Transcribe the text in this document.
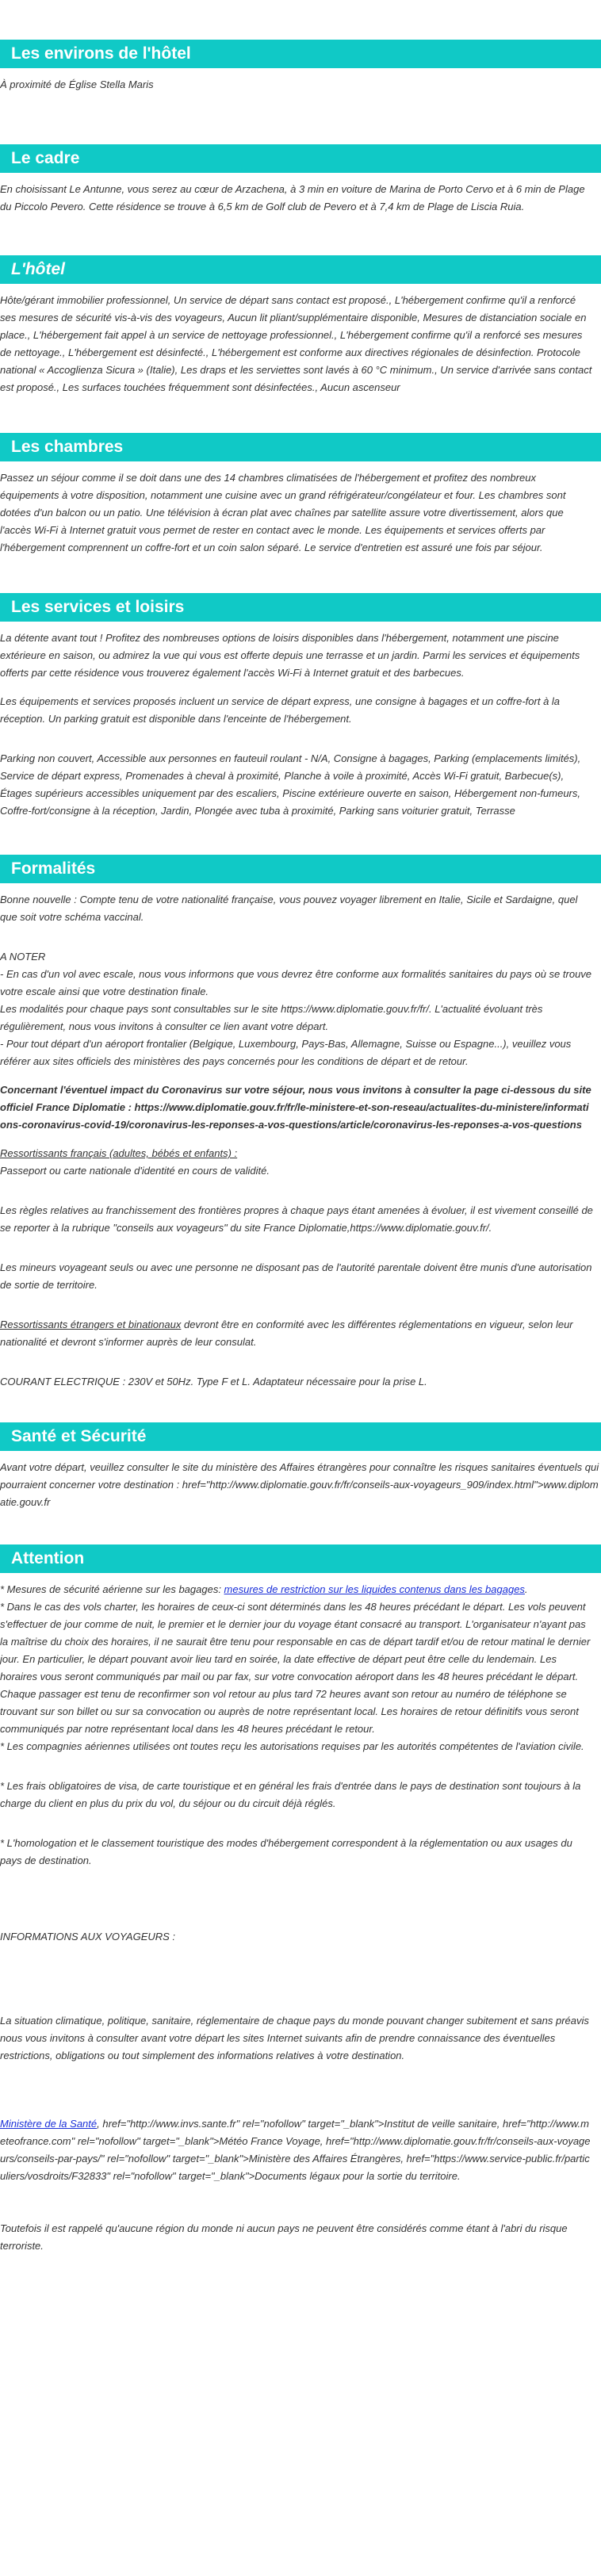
Les environs de l'hôtel

À proximité de Église Stella Maris

Le cadre

En choisissant Le Antunne, vous serez au cœur de Arzachena, à 3 min en voiture de Marina de Porto Cervo et à 6 min de Plage du Piccolo Pevero. Cette résidence se trouve à 6,5 km de Golf club de Pevero et à 7,4 km de Plage de Liscia Ruia.

L'hôtel

Hôte/gérant immobilier professionnel, Un service de départ sans contact est proposé., L'hébergement confirme qu'il a renforcé ses mesures de sécurité vis-à-vis des voyageurs, Aucun lit pliant/supplémentaire disponible, Mesures de distanciation sociale en place., L'hébergement fait appel à un service de nettoyage professionnel., L'hébergement confirme qu'il a renforcé ses mesures de nettoyage., L'hébergement est désinfecté., L'hébergement est conforme aux directives régionales de désinfection. Protocole national « Accoglienza Sicura » (Italie), Les draps et les serviettes sont lavés à 60 °C minimum., Un service d'arrivée sans contact est proposé., Les surfaces touchées fréquemment sont désinfectées., Aucun ascenseur

Les chambres

Passez un séjour comme il se doit dans une des 14 chambres climatisées de l'hébergement et profitez des nombreux équipements à votre disposition, notamment une cuisine avec un grand réfrigérateur/congélateur et four. Les chambres sont dotées d'un balcon ou un patio. Une télévision à écran plat avec chaînes par satellite assure votre divertissement, alors que l'accès Wi-Fi à Internet gratuit vous permet de rester en contact avec le monde. Les équipements et services offerts par l'hébergement comprennent un coffre-fort et un coin salon séparé. Le service d'entretien est assuré une fois par séjour.

Les services et loisirs

La détente avant tout ! Profitez des nombreuses options de loisirs disponibles dans l'hébergement, notamment une piscine extérieure en saison, ou admirez la vue qui vous est offerte depuis une terrasse et un jardin. Parmi les services et équipements offerts par cette résidence vous trouverez également l'accès Wi-Fi à Internet gratuit et des barbecues.

Les équipements et services proposés incluent un service de départ express, une consigne à bagages et un coffre-fort à la réception. Un parking gratuit est disponible dans l'enceinte de l'hébergement.

Parking non couvert, Accessible aux personnes en fauteuil roulant - N/A, Consigne à bagages, Parking (emplacements limités), Service de départ express, Promenades à cheval à proximité, Planche à voile à proximité, Accès Wi-Fi gratuit, Barbecue(s), Étages supérieurs accessibles uniquement par des escaliers, Piscine extérieure ouverte en saison, Hébergement non-fumeurs, Coffre-fort/consigne à la réception, Jardin, Plongée avec tuba à proximité, Parking sans voiturier gratuit, Terrasse

Formalités

Bonne nouvelle : Compte tenu de votre nationalité française, vous pouvez voyager librement en Italie, Sicile et Sardaigne, quel que soit votre schéma vaccinal.

A NOTER
- En cas d'un vol avec escale, nous vous informons que vous devrez être conforme aux formalités sanitaires du pays où se trouve votre escale ainsi que votre destination finale.
Les modalités pour chaque pays sont consultables sur le site https://www.diplomatie.gouv.fr/fr/. L'actualité évoluant très régulièrement, nous vous invitons à consulter ce lien avant votre départ.
- Pour tout départ d'un aéroport frontalier (Belgique, Luxembourg, Pays-Bas, Allemagne, Suisse ou Espagne...), veuillez vous référer aux sites officiels des ministères des pays concernés pour les conditions de départ et de retour.

Concernant l'éventuel impact du Coronavirus sur votre séjour, nous vous invitons à consulter la page ci-dessous du site officiel France Diplomatie : https://www.diplomatie.gouv.fr/fr/le-ministere-et-son-reseau/actualites-du-ministere/informations-coronavirus-covid-19/coronavirus-les-reponses-a-vos-questions/article/coronavirus-les-reponses-a-vos-questions

Ressortissants français (adultes, bébés et enfants) :
Passeport ou carte nationale d'identité en cours de validité.

Les règles relatives au franchissement des frontières propres à chaque pays étant amenées à évoluer, il est vivement conseillé de se reporter à la rubrique "conseils aux voyageurs" du site France Diplomatie,https://www.diplomatie.gouv.fr/.

Les mineurs voyageant seuls ou avec une personne ne disposant pas de l'autorité parentale doivent être munis d'une autorisation de sortie de territoire.

Ressortissants étrangers et binationaux devront être en conformité avec les différentes réglementations en vigueur, selon leur nationalité et devront s'informer auprès de leur consulat.

COURANT ELECTRIQUE : 230V et 50Hz. Type F et L. Adaptateur nécessaire pour la prise L.

Santé et Sécurité

Avant votre départ, veuillez consulter le site du ministère des Affaires étrangères pour connaître les risques sanitaires éventuels qui pourraient concerner votre destination : href="http://www.diplomatie.gouv.fr/fr/conseils-aux-voyageurs_909/index.html">www.diplomatie.gouv.fr

Attention

* Mesures de sécurité aérienne sur les bagages: mesures de restriction sur les liquides contenus dans les bagages.
* Dans le cas des vols charter, les horaires de ceux-ci sont déterminés dans les 48 heures précédant le départ. Les vols peuvent s'effectuer de jour comme de nuit, le premier et le dernier jour du voyage étant consacré au transport. L'organisateur n'ayant pas la maîtrise du choix des horaires, il ne saurait être tenu pour responsable en cas de départ tardif et/ou de retour matinal le dernier jour. En particulier, le départ pouvant avoir lieu tard en soirée, la date effective de départ peut être celle du lendemain. Les horaires vous seront communiqués par mail ou par fax, sur votre convocation aéroport dans les 48 heures précédant le départ. Chaque passager est tenu de reconfirmer son vol retour au plus tard 72 heures avant son retour au numéro de téléphone se trouvant sur son billet ou sur sa convocation ou auprès de notre représentant local. Les horaires de retour définitifs vous seront communiqués par notre représentant local dans les 48 heures précédant le retour.
* Les compagnies aériennes utilisées ont toutes reçu les autorisations requises par les autorités compétentes de l'aviation civile.

* Les frais obligatoires de visa, de carte touristique et en général les frais d'entrée dans le pays de destination sont toujours à la charge du client en plus du prix du vol, du séjour ou du circuit déjà réglés.

* L'homologation et le classement touristique des modes d'hébergement correspondent à la réglementation ou aux usages du pays de destination.

INFORMATIONS AUX VOYAGEURS :

La situation climatique, politique, sanitaire, réglementaire de chaque pays du monde pouvant changer subitement et sans préavis
nous vous invitons à consulter avant votre départ les sites Internet suivants afin de prendre connaissance des éventuelles restrictions, obligations ou tout simplement des informations relatives à votre destination.

Ministère de la Santé, href="http://www.invs.sante.fr" rel="nofollow" target="_blank">Institut de veille sanitaire, href="http://www.meteofrance.com" rel="nofollow" target="_blank">Météo France Voyage, href="http://www.diplomatie.gouv.fr/fr/conseils-aux-voyageurs/conseils-par-pays/" rel="nofollow" target="_blank">Ministère des Affaires Étrangères, href="https://www.service-public.fr/particuliers/vosdroits/F32833" rel="nofollow" target="_blank">Documents légaux pour la sortie du territoire.

Toutefois il est rappelé qu'aucune région du monde ni aucun pays ne peuvent être considérés comme étant à l'abri du risque terroriste.
